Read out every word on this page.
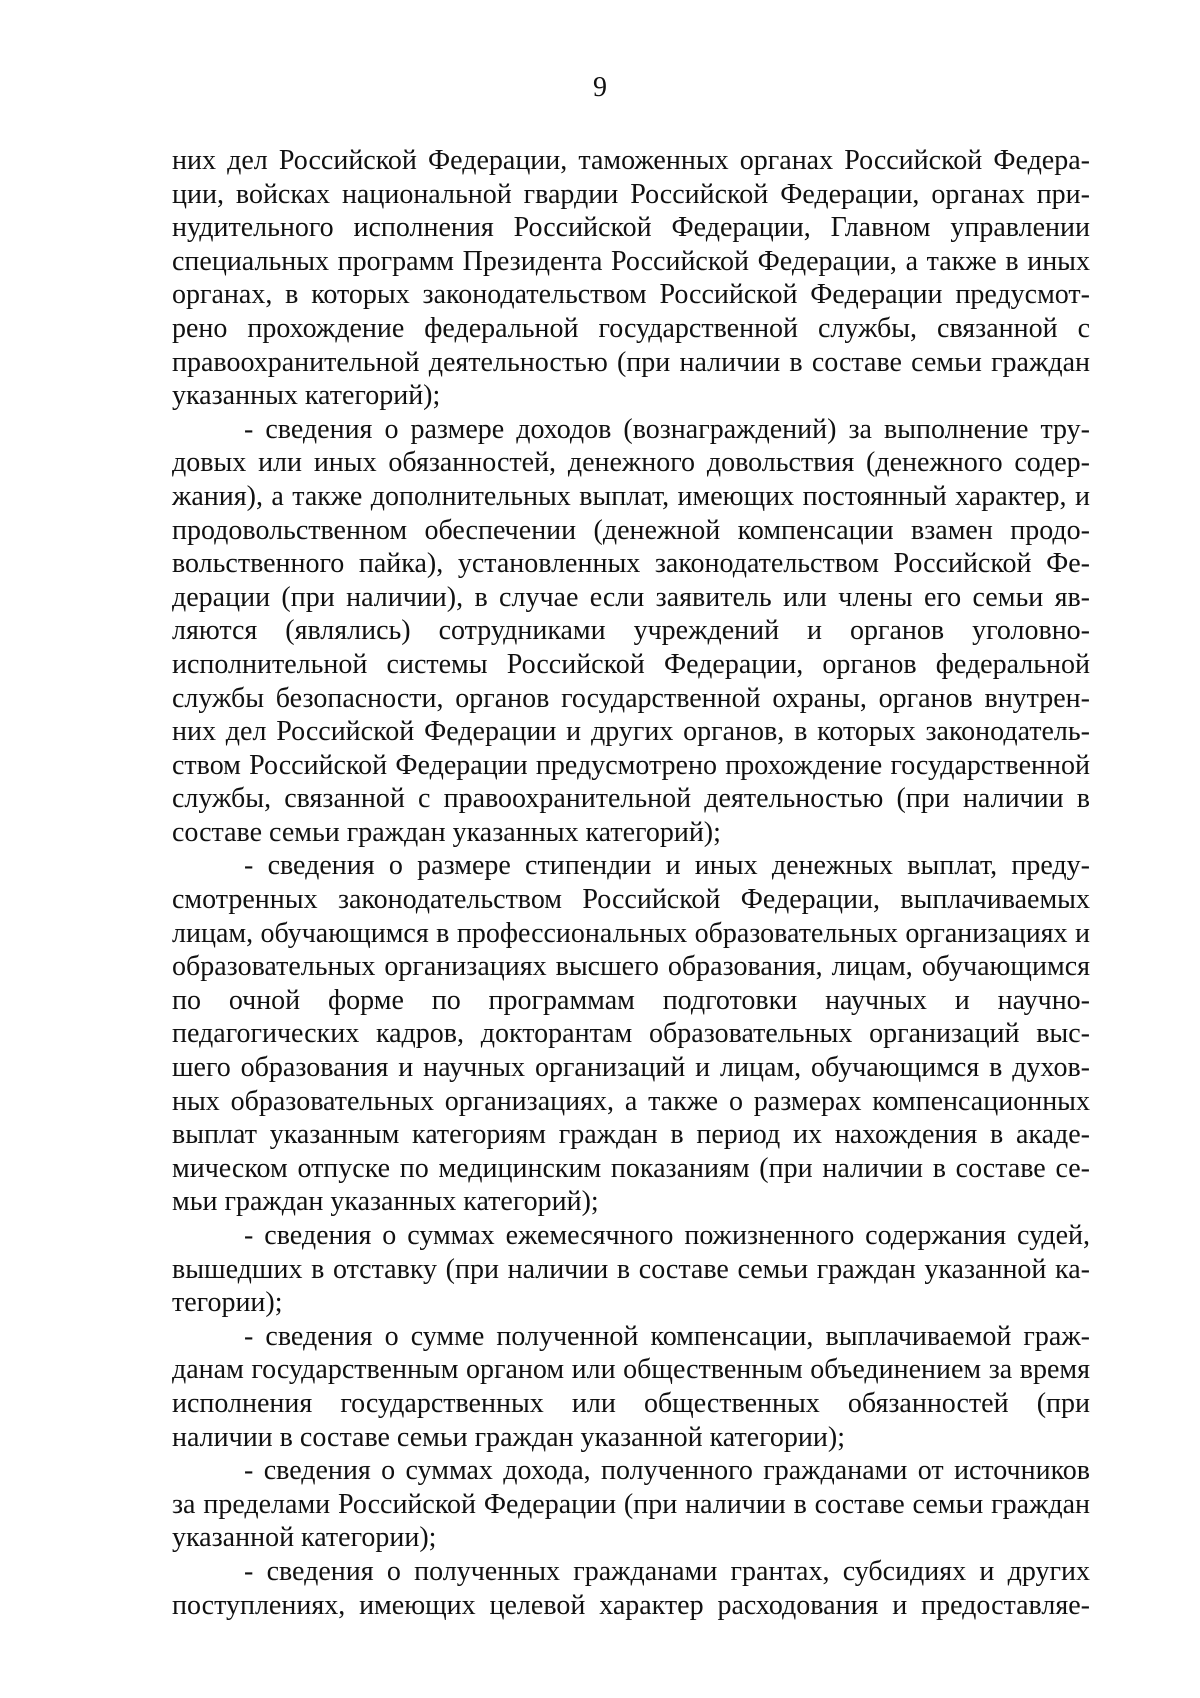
9

них дел Российской Федерации, таможенных органах Российской Федерации, войсках национальной гвардии Российской Федерации, органах принудительного исполнения Российской Федерации, Главном управлении специальных программ Президента Российской Федерации, а также в иных органах, в которых законодательством Российской Федерации предусмотрено прохождение федеральной государственной службы, связанной с правоохранительной деятельностью (при наличии в составе семьи граждан указанных категорий);

- сведения о размере доходов (вознаграждений) за выполнение трудовых или иных обязанностей, денежного довольствия (денежного содержания), а также дополнительных выплат, имеющих постоянный характер, и продовольственном обеспечении (денежной компенсации взамен продовольственного пайка), установленных законодательством Российской Федерации (при наличии), в случае если заявитель или члены его семьи являются (являлись) сотрудниками учреждений и органов уголовно-исполнительной системы Российской Федерации, органов федеральной службы безопасности, органов государственной охраны, органов внутренних дел Российской Федерации и других органов, в которых законодательством Российской Федерации предусмотрено прохождение государственной службы, связанной с правоохранительной деятельностью (при наличии в составе семьи граждан указанных категорий);

- сведения о размере стипендии и иных денежных выплат, предусмотренных законодательством Российской Федерации, выплачиваемых лицам, обучающимся в профессиональных образовательных организациях и образовательных организациях высшего образования, лицам, обучающимся по очной форме по программам подготовки научных и научно-педагогических кадров, докторантам образовательных организаций высшего образования и научных организаций и лицам, обучающимся в духовных образовательных организациях, а также о размерах компенсационных выплат указанным категориям граждан в период их нахождения в академическом отпуске по медицинским показаниям (при наличии в составе семьи граждан указанных категорий);

- сведения о суммах ежемесячного пожизненного содержания судей, вышедших в отставку (при наличии в составе семьи граждан указанной категории);

- сведения о сумме полученной компенсации, выплачиваемой гражданам государственным органом или общественным объединением за время исполнения государственных или общественных обязанностей (при наличии в составе семьи граждан указанной категории);

- сведения о суммах дохода, полученного гражданами от источников за пределами Российской Федерации (при наличии в составе семьи граждан указанной категории);

- сведения о полученных гражданами грантах, субсидиях и других поступлениях, имеющих целевой характер расходования и предоставляе-
